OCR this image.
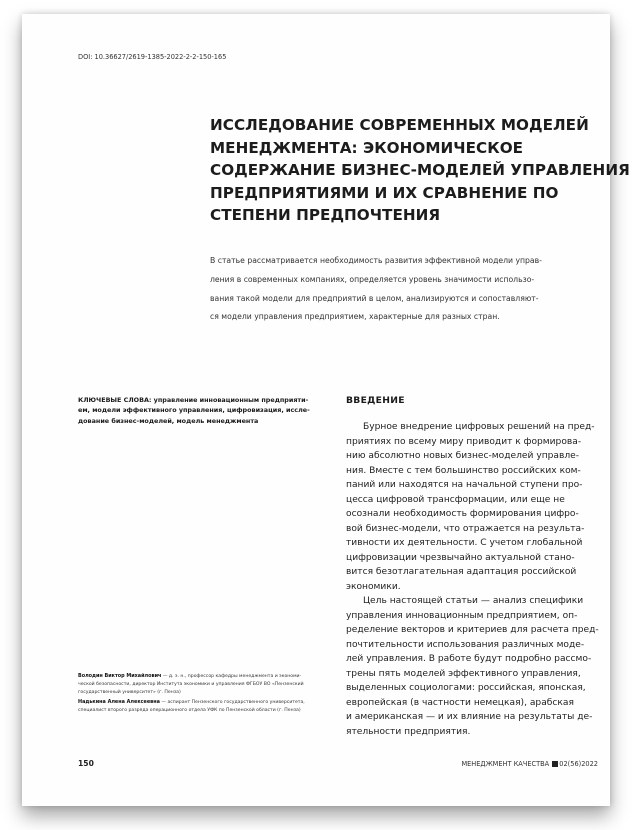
DOI: 10.36627/2619-1385-2022-2-2-150-165
ИССЛЕДОВАНИЕ СОВРЕМЕННЫХ МОДЕЛЕЙ
МЕНЕДЖМЕНТА: ЭКОНОМИЧЕСКОЕ
СОДЕРЖАНИЕ БИЗНЕС-МОДЕЛЕЙ УПРАВЛЕНИЯ
ПРЕДПРИЯТИЯМИ И ИХ СРАВНЕНИЕ ПО
СТЕПЕНИ ПРЕДПОЧТЕНИЯ
В статье рассматривается необходимость развития эффективной модели управ-
ления в современных компаниях, определяется уровень значимости использо-
вания такой модели для предприятий в целом, анализируются и сопоставляют-
ся модели управления предприятием, характерные для разных стран.
КЛЮЧЕВЫЕ СЛОВА: управление инновационным предприяти-
ем, модели эффективного управления, цифровизация, иссле-
дование бизнес-моделей, модель менеджмента
ВВЕДЕНИЕ
Бурное внедрение цифровых решений на пред-
приятиях по всему миру приводит к формирова-
нию абсолютно новых бизнес-моделей управле-
ния. Вместе с тем большинство российских ком-
паний или находятся на начальной ступени про-
цесса цифровой трансформации, или еще не
осознали необходимость формирования цифро-
вой бизнес-модели, что отражается на результа-
тивности их деятельности. С учетом глобальной
цифровизации чрезвычайно актуальной стано-
вится безотлагательная адаптация российской
экономики.
Цель настоящей статьи — анализ специфики
управления инновационным предприятием, оп-
ределение векторов и критериев для расчета пред-
почтительности использования различных моде-
лей управления. В работе будут подробно рассмо-
трены пять моделей эффективного управления,
выделенных социологами: российская, японская,
европейская (в частности немецкая), арабская
и американская — и их влияние на результаты де-
ятельности предприятия.
Володин Виктор Михайлович — д. э. н., профессор кафедры менеджмента и экономи-
ческой безопасности, директор Института экономики и управления ФГБОУ ВО «Пензенский
государственный университет» (г. Пенза)
Надькина Алена Алексеевна — аспирант Пензенского государственного университета,
специалист второго разряда операционного отдела УФК по Пензенской области (г. Пенза)
150	МЕНЕДЖМЕНТ КАЧЕСТВА 02(56)2022
